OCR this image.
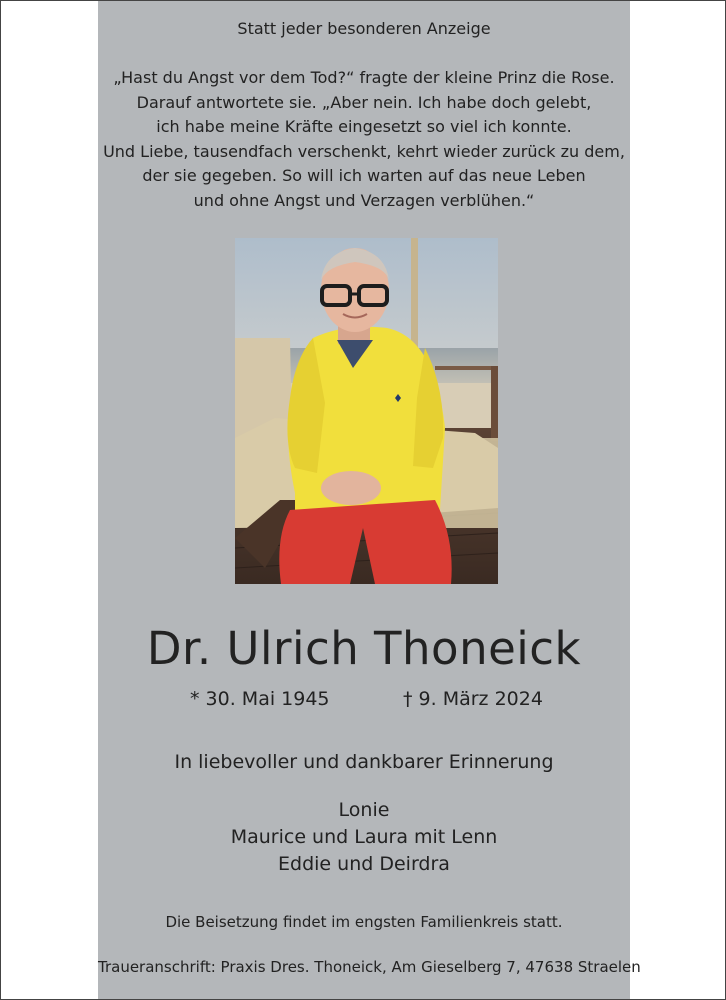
Statt jeder besonderen Anzeige
„Hast du Angst vor dem Tod?“ fragte der kleine Prinz die Rose.
Darauf antwortete sie. „Aber nein. Ich habe doch gelebt,
ich habe meine Kräfte eingesetzt so viel ich konnte.
Und Liebe, tausendfach verschenkt, kehrt wieder zurück zu dem,
der sie gegeben. So will ich warten auf das neue Leben
und ohne Angst und Verzagen verblühen.“
Dr. Ulrich Thoneick
* 30. Mai 1945	† 9. März 2024
In liebevoller und dankbarer Erinnerung
Lonie
Maurice und Laura mit Lenn
Eddie und Deirdra
Die Beisetzung findet im engsten Familienkreis statt.
Traueranschrift: Praxis Dres. Thoneick, Am Gieselberg 7, 47638 Straelen
